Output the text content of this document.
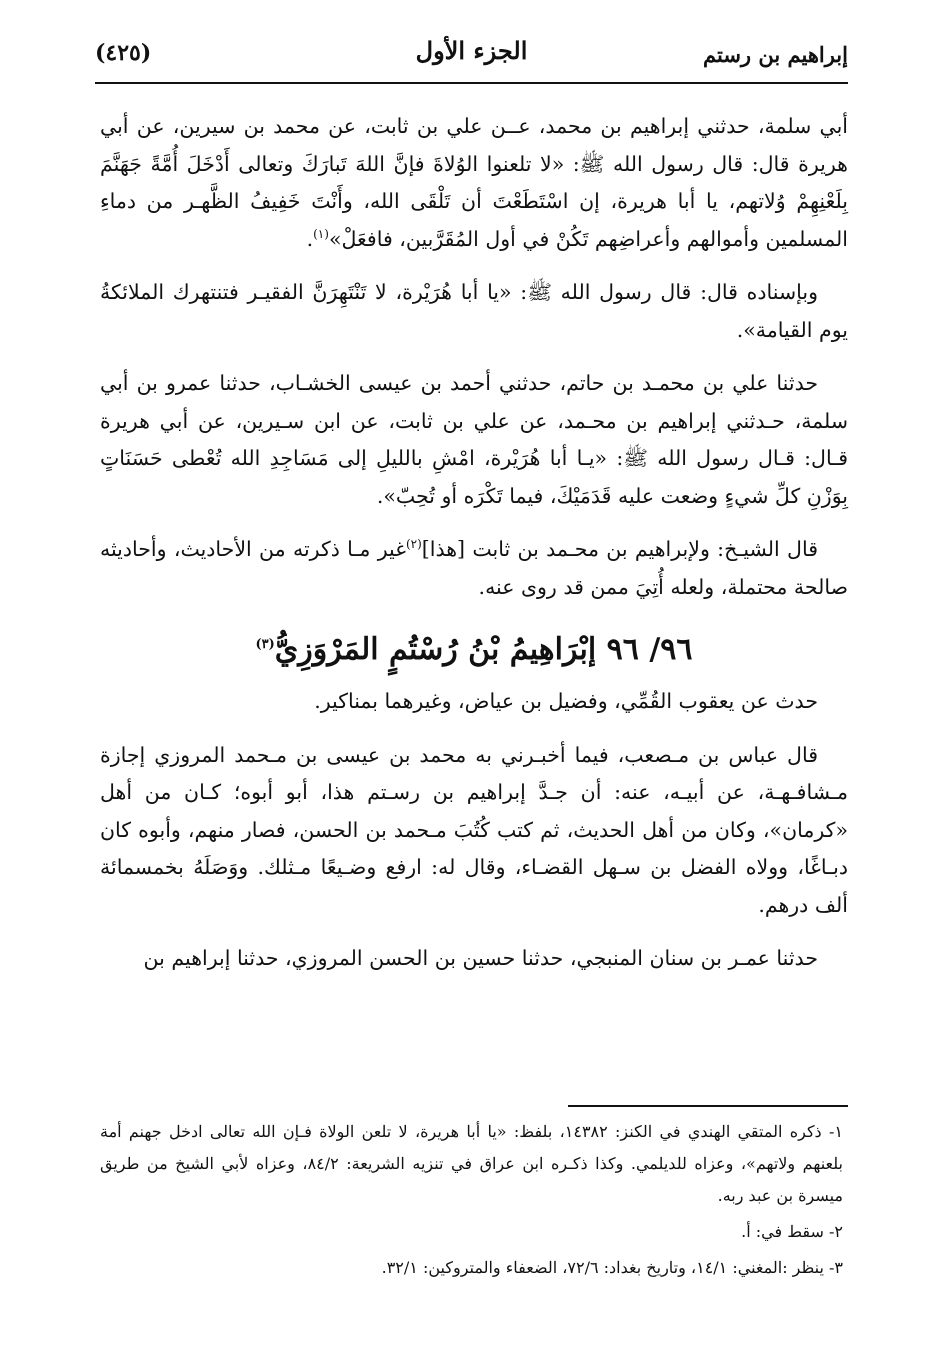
إبراهيم بن رستم
الجزء الأول
(٤٢٥)

أبي سلمة، حدثني إبراهيم بن محمد، عــن علي بن ثابت، عن محمد بن سيرين، عن أبي هريرة قال: قال رسول الله ﷺ: «لا تلعنوا الوُلاةَ فإنَّ اللهَ تَبارَكَ وتعالى أَدْخَلَ أُمَّةً جَهَنَّمَ بِلَعْنِهِمْ وُلاتهم، يا أبا هريرة، إن اسْتَطَعْتَ أن تَلْقَى الله، وأَنْتَ خَفِيفُ الظَّهـر من دماءِ المسلمين وأموالهم وأعراضِهم تَكُنْ في أول المُقَرَّبين، فافعَلْ»$^{(١)}$.

وبإسناده قال: قال رسول الله ﷺ: «يا أبا هُرَيْرة، لا تَنْتَهِرَنَّ الفقيـر فتنتهرك الملائكةُ يوم القيامة».

حدثنا علي بن محمـد بن حاتم، حدثني أحمد بن عيسى الخشـاب، حدثنا عمرو بن أبي سلمة، حـدثني إبراهيم بن محـمد، عن علي بن ثابت، عن ابن سـيرين، عن أبي هريرة قـال: قـال رسول الله ﷺ: «يـا أبا هُرَيْرة، امْشِ بالليلِ إلى مَسَاجِدِ الله تُعْطى حَسَنَاتٍ بِوَزْنِ كلِّ شيءٍ وضعت عليه قَدَمَيْكَ، فيما تَكْرَه أو تُحِبّ».

قال الشيـخ: ولإبراهيم بن محـمد بن ثابت [هذا]$^{(٢)}$غير مـا ذكرته من الأحاديث، وأحاديثه صالحة محتملة، ولعله أُتِيَ ممن قد روى عنه.

٩٦/ ٩٦ إبْرَاهِيمُ بْنُ رُسْتُمٍ المَرْوَزِيُّ$^{(٣)}$

حدث عن يعقوب القُمِّي، وفضيل بن عياض، وغيرهما بمناكير.

قال عباس بن مـصعب، فيما أخبـرني به محمد بن عيسى بن مـحمد المروزي إجازة مـشافـهـة، عن أبيـه، عنه: أن جـدَّ إبراهيم بن رسـتم هذا، أبو أبوه؛ كـان من أهل «كرمان»، وكان من أهل الحديث، ثم كتب كُتُبَ مـحمد بن الحسن، فصار منهم، وأبوه كان دبـاغًا، وولاه الفضل بن سـهل القضـاء، وقال له: ارفع وضـيعًا مـثلك. ووَصَلَهُ بخمسمائة ألف درهم.

حدثنا عمـر بن سنان المنبجي، حدثنا حسين بن الحسن المروزي، حدثنا إبراهيم بن

١- ذكره المتقي الهندي في الكنز: ١٤٣٨٢، بلفظ: «يا أبا هريرة، لا تلعن الولاة فـإن الله تعالى ادخل جهنم أمة بلعنهم ولاتهم»، وعزاه للديلمي. وكذا ذكـره ابن عراق في تنزيه الشريعة: ٨٤/٢، وعزاه لأبي الشيخ من طريق ميسرة بن عبد ربه.

٢- سقط في: أ.

٣- ينظر :المغني: ١٤/١، وتاريخ بغداد: ٧٢/٦، الضعفاء والمتروكين: ٣٢/١.
